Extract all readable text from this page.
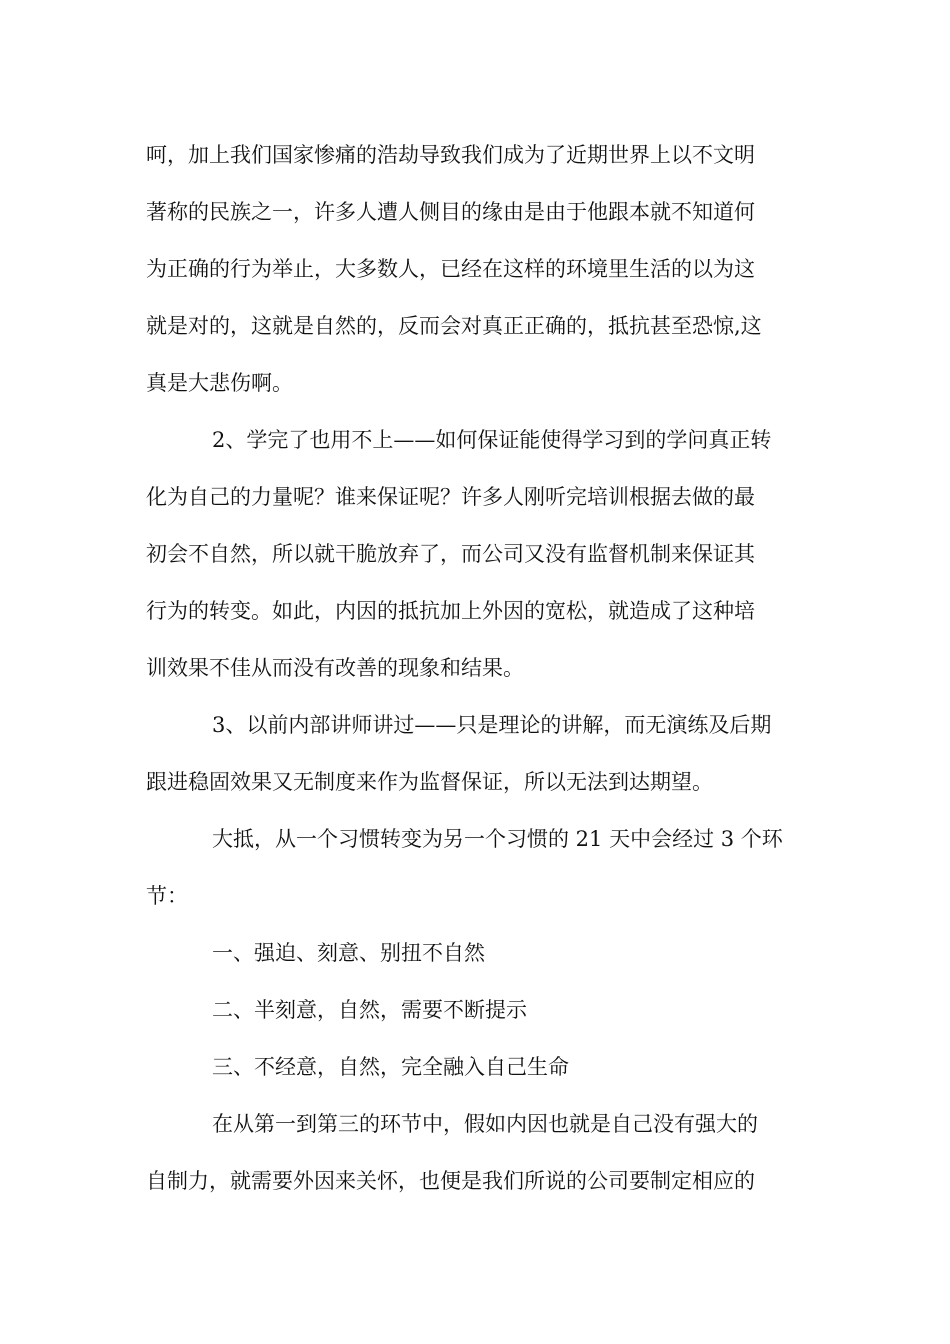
呵，加上我们国家惨痛的浩劫导致我们成为了近期世界上以不文明
著称的民族之一，许多人遭人侧目的缘由是由于他跟本就不知道何
为正确的行为举止，大多数人，已经在这样的环境里生活的以为这
就是对的，这就是自然的，反而会对真正正确的，抵抗甚至恐惊,这
真是大悲伤啊。
2、学完了也用不上——如何保证能使得学习到的学问真正转
化为自己的力量呢？谁来保证呢？许多人刚听完培训根据去做的最
初会不自然，所以就干脆放弃了，而公司又没有监督机制来保证其
行为的转变。如此，内因的抵抗加上外因的宽松，就造成了这种培
训效果不佳从而没有改善的现象和结果。
3、以前内部讲师讲过——只是理论的讲解，而无演练及后期
跟进稳固效果又无制度来作为监督保证，所以无法到达期望。
大抵，从一个习惯转变为另一个习惯的 21 天中会经过 3 个环
节：
一、强迫、刻意、别扭不自然
二、半刻意，自然，需要不断提示
三、不经意，自然，完全融入自己生命
在从第一到第三的环节中，假如内因也就是自己没有强大的
自制力，就需要外因来关怀，也便是我们所说的公司要制定相应的
